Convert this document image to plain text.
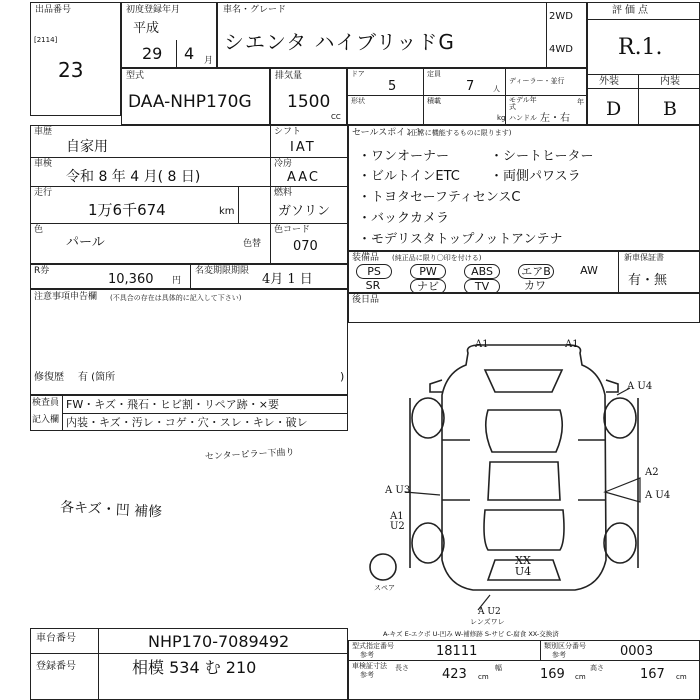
出品番号
[2114]
23
初度登録年月
平成
29 4 月
車名・グレード
シエンタ ハイブリッドG
2WD
4WD
評価点
R.1.
外装	内装
D B
型式
DAA-NHP170G
排気量
1500
CC
ドア
5
定員
7	人
ディーラー・並行
形状	積載
kg
モデル年式
年
ハンドル 左・右
車歴
自家用
車検
令和 8 年 4 月( 8 日)
走行
1万6千674	km
色
パール	色替
シフト
IAT
冷房
AAC
燃料
ガソリン
色コード
070
R券
10,360 円
名変期限期限
4月 1 日
セールスポイント
(正常に機能するものに限ります)
・ワンオーナー	・シートヒーター
・ビルトインETC ・両側パワスラ
・トヨタセーフティセンスC
・バックカメラ
・モデリスタトップノットアンテナ
装備品 (純正品に限り〇印を付ける)
PS	PW	ABS	エアB	AW
SR	ナビ	TV	カワ
新車保証書
有・無
注意事項申告欄 (不具合の存在は具体的に記入して下さい)
修復歴 有 (箇所	)
後日品
検査員
記入欄
FW・キズ・飛石・ヒビ割・リペア跡・×要
内装・キズ・汚レ・コゲ・穴・スレ・キレ・破レ
センターピラー下曲り
各キズ・凹 補修
A1	A1
A U4
A U3
A2
A U4
A1 U2
XX U4
A U2
レンズワレ
スペア
A-キズ E-エクボ U-凹み W-補修跡 S-サビ C-腐食 XX-交換済
車台番号	NHP170-7089492
登録番号	相模 534 む 210
型式指定番号
参考	18111	類別区分番号
参考	0003
車検証寸法
参考
長さ	423 cm
幅	169 cm
高さ	167 cm
